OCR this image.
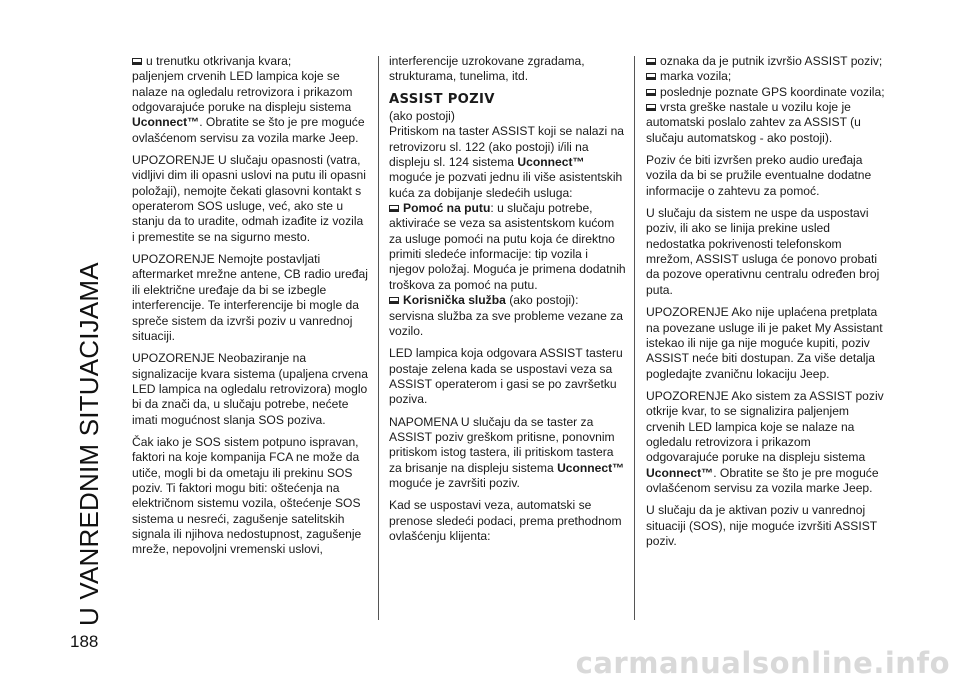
U VANREDNIM SITUACIJAMA
188

u trenutku otkrivanja kvara;

paljenjem crvenih LED lampica koje se nalaze na ogledalu retrovizora i prikazom odgovarajuće poruke na displeju sistema Uconnect™. Obratite se što je pre moguće ovlašćenom servisu za vozila marke Jeep.

UPOZORENJE U slučaju opasnosti (vatra, vidljivi dim ili opasni uslovi na putu ili opasni položaji), nemojte čekati glasovni kontakt s operaterom SOS usluge, već, ako ste u stanju da to uradite, odmah izađite iz vozila i premestite se na sigurno mesto.

UPOZORENJE Nemojte postavljati aftermarket mrežne antene, CB radio uređaj ili električne uređaje da bi se izbegle interferencije. Te interferencije bi mogle da spreče sistem da izvrši poziv u vanrednoj situaciji.

UPOZORENJE Neobaziranje na signalizacije kvara sistema (upaljena crvena LED lampica na ogledalu retrovizora) moglo bi da znači da, u slučaju potrebe, nećete imati mogućnost slanja SOS poziva.

Čak iako je SOS sistem potpuno ispravan, faktori na koje kompanija FCA ne može da utiče, mogli bi da ometaju ili prekinu SOS poziv. Ti faktori mogu biti: oštećenja na električnom sistemu vozila, oštećenje SOS sistema u nesreći, zagušenje satelitskih signala ili njihova nedostupnost, zagušenje mreže, nepovoljni vremenski uslovi,

interferencije uzrokovane zgradama, strukturama, tunelima, itd.

ASSIST POZIV

(ako postoji)

Pritiskom na taster ASSIST koji se nalazi na retrovizoru sl. 122 (ako postoji) i/ili na displeju sl. 124 sistema Uconnect™ moguće je pozvati jednu ili više asistentskih kuća za dobijanje sledećih usluga:

Pomoć na putu: u slučaju potrebe, aktiviraće se veza sa asistentskom kućom za usluge pomoći na putu koja će direktno primiti sledeće informacije: tip vozila i njegov položaj. Moguća je primena dodatnih troškova za pomoć na putu.

Korisnička služba (ako postoji): servisna služba za sve probleme vezane za vozilo.

LED lampica koja odgovara ASSIST tasteru postaje zelena kada se uspostavi veza sa ASSIST operaterom i gasi se po završetku poziva.

NAPOMENA U slučaju da se taster za ASSIST poziv greškom pritisne, ponovnim pritiskom istog tastera, ili pritiskom tastera za brisanje na displeju sistema Uconnect™ moguće je završiti poziv.

Kad se uspostavi veza, automatski se prenose sledeći podaci, prema prethodnom ovlašćenju klijenta:

oznaka da je putnik izvršio ASSIST poziv;

marka vozila;

poslednje poznate GPS koordinate vozila;

vrsta greške nastale u vozilu koje je automatski poslalo zahtev za ASSIST (u slučaju automatskog - ako postoji).

Poziv će biti izvršen preko audio uređaja vozila da bi se pružile eventualne dodatne informacije o zahtevu za pomoć.

U slučaju da sistem ne uspe da uspostavi poziv, ili ako se linija prekine usled nedostatka pokrivenosti telefonskom mrežom, ASSIST usluga će ponovo probati da pozove operativnu centralu određen broj puta.

UPOZORENJE Ako nije uplaćena pretplata na povezane usluge ili je paket My Assistant istekao ili nije ga nije moguće kupiti, poziv ASSIST neće biti dostupan. Za više detalja pogledajte zvaničnu lokaciju Jeep.

UPOZORENJE Ako sistem za ASSIST poziv otkrije kvar, to se signalizira paljenjem crvenih LED lampica koje se nalaze na ogledalu retrovizora i prikazom odgovarajuće poruke na displeju sistema Uconnect™. Obratite se što je pre moguće ovlašćenom servisu za vozila marke Jeep.

U slučaju da je aktivan poziv u vanrednoj situaciji (SOS), nije moguće izvršiti ASSIST poziv.

carmanualsonline.info
